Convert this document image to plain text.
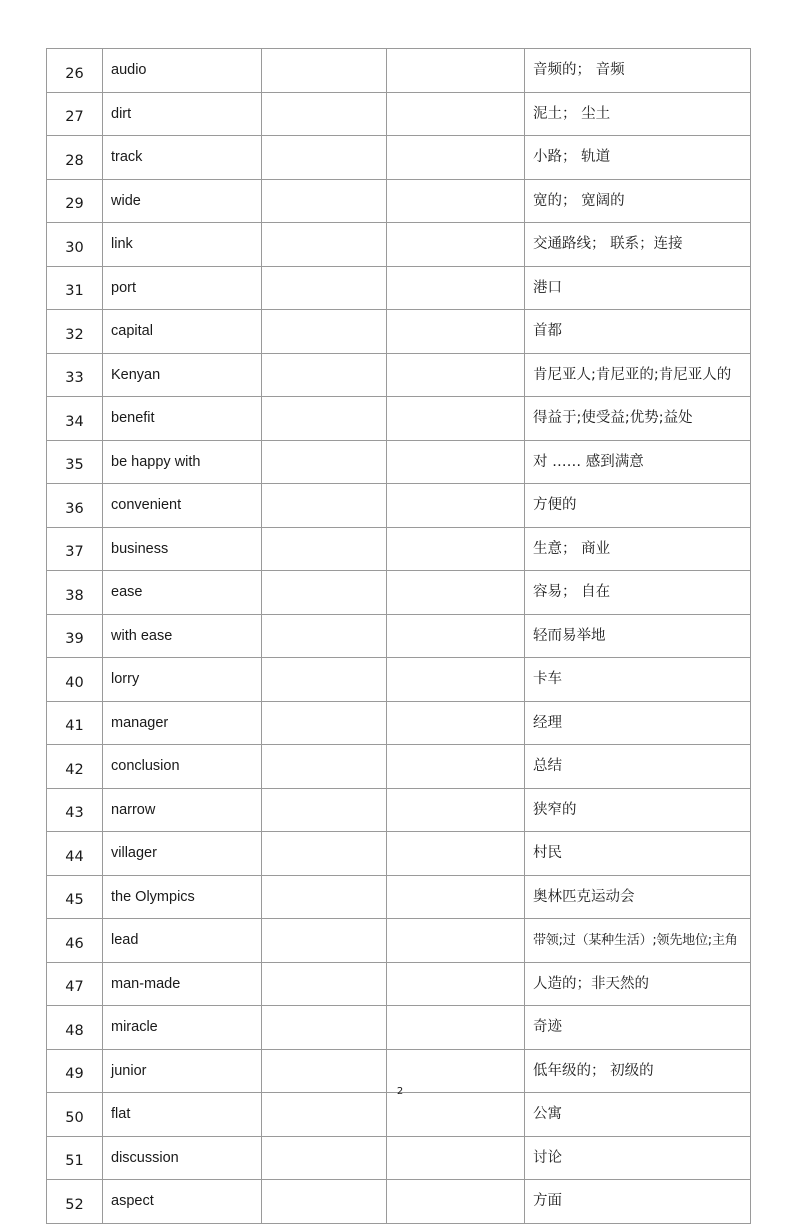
26	audio			音频的； 音频
27	dirt			泥土； 尘土
28	track			小路； 轨道
29	wide			宽的； 宽阔的
30	link			交通路线； 联系；连接
31	port			港口
32	capital			首都
33	Kenyan			肯尼亚人;肯尼亚的;肯尼亚人的
34	benefit			得益于;使受益;优势;益处
35	be happy with			对 …… 感到满意
36	convenient			方便的
37	business			生意； 商业
38	ease			容易； 自在
39	with ease			轻而易举地
40	lorry			卡车
41	manager			经理
42	conclusion			总结
43	narrow			狭窄的
44	villager			村民
45	the Olympics			奥林匹克运动会
46	lead			带领;过（某种生活）;领先地位;主角
47	man-made			人造的；非天然的
48	miracle			奇迹
49	junior			低年级的； 初级的
50	flat			公寓
51	discussion			讨论
52	aspect			方面
2
